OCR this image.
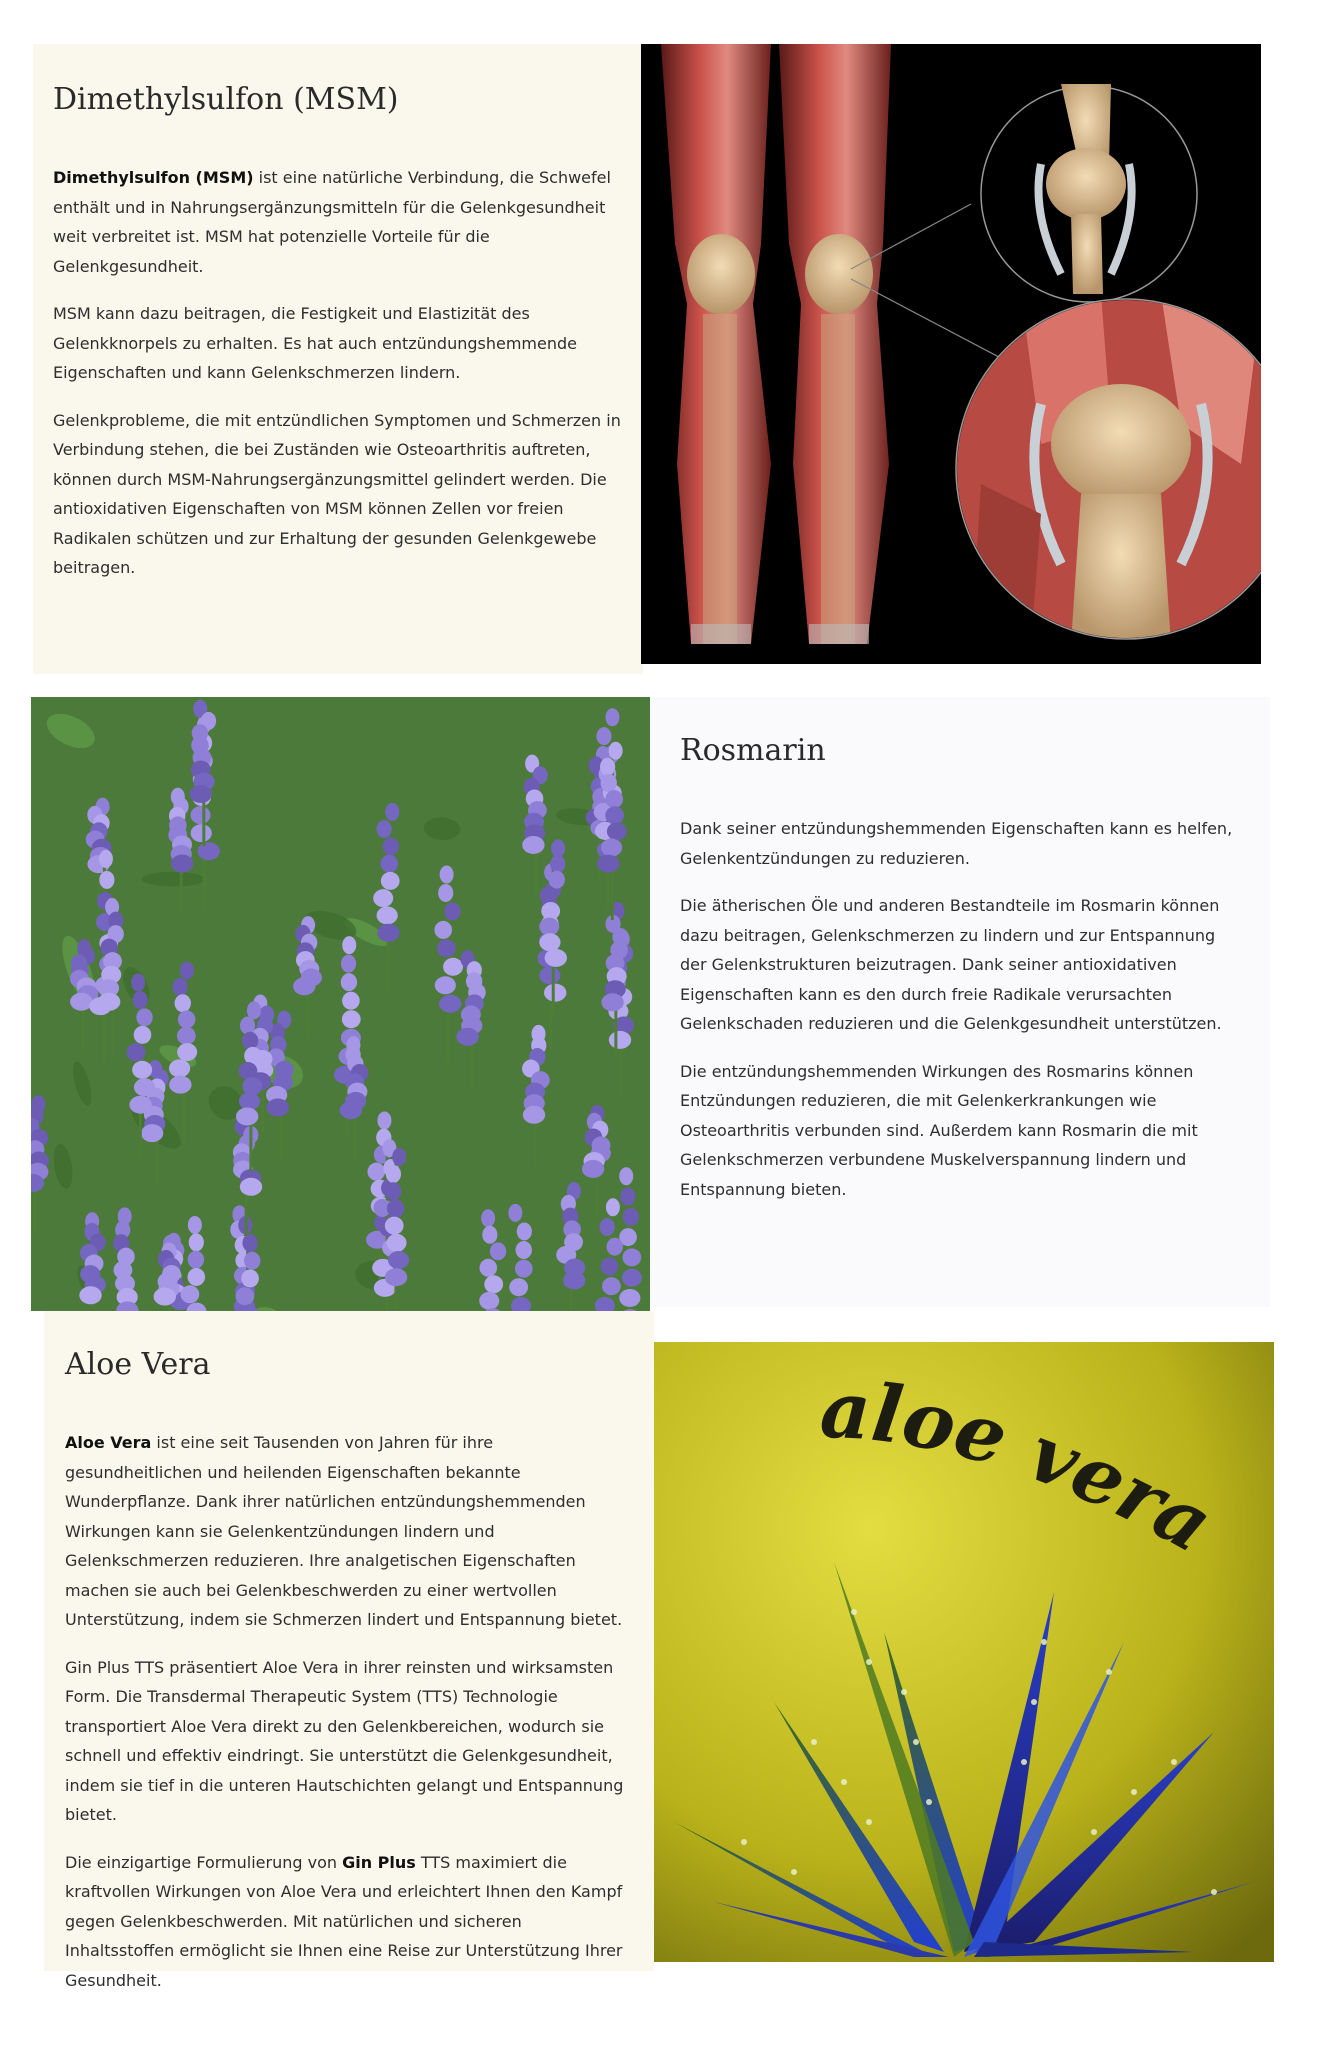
Dimethylsulfon (MSM)

Dimethylsulfon (MSM) ist eine natürliche Verbindung, die Schwefel enthält und in Nahrungsergänzungsmitteln für die Gelenkgesundheit weit verbreitet ist. MSM hat potenzielle Vorteile für die Gelenkgesundheit.

MSM kann dazu beitragen, die Festigkeit und Elastizität des Gelenkknorpels zu erhalten. Es hat auch entzündungshemmende Eigenschaften und kann Gelenkschmerzen lindern.

Gelenkprobleme, die mit entzündlichen Symptomen und Schmerzen in Verbindung stehen, die bei Zuständen wie Osteoarthritis auftreten, können durch MSM-Nahrungsergänzungsmittel gelindert werden. Die antioxidativen Eigenschaften von MSM können Zellen vor freien Radikalen schützen und zur Erhaltung der gesunden Gelenkgewebe beitragen.

Rosmarin

Dank seiner entzündungshemmenden Eigenschaften kann es helfen, Gelenkentzündungen zu reduzieren.

Die ätherischen Öle und anderen Bestandteile im Rosmarin können dazu beitragen, Gelenkschmerzen zu lindern und zur Entspannung der Gelenkstrukturen beizutragen. Dank seiner antioxidativen Eigenschaften kann es den durch freie Radikale verursachten Gelenkschaden reduzieren und die Gelenkgesundheit unterstützen.

Die entzündungshemmenden Wirkungen des Rosmarins können Entzündungen reduzieren, die mit Gelenkerkrankungen wie Osteoarthritis verbunden sind. Außerdem kann Rosmarin die mit Gelenkschmerzen verbundene Muskelverspannung lindern und Entspannung bieten.

Aloe Vera

Aloe Vera ist eine seit Tausenden von Jahren für ihre gesundheitlichen und heilenden Eigenschaften bekannte Wunderpflanze. Dank ihrer natürlichen entzündungshemmenden Wirkungen kann sie Gelenkentzündungen lindern und Gelenkschmerzen reduzieren. Ihre analgetischen Eigenschaften machen sie auch bei Gelenkbeschwerden zu einer wertvollen Unterstützung, indem sie Schmerzen lindert und Entspannung bietet.

Gin Plus TTS präsentiert Aloe Vera in ihrer reinsten und wirksamsten Form. Die Transdermal Therapeutic System (TTS) Technologie transportiert Aloe Vera direkt zu den Gelenkbereichen, wodurch sie schnell und effektiv eindringt. Sie unterstützt die Gelenkgesundheit, indem sie tief in die unteren Hautschichten gelangt und Entspannung bietet.

Die einzigartige Formulierung von Gin Plus TTS maximiert die kraftvollen Wirkungen von Aloe Vera und erleichtert Ihnen den Kampf gegen Gelenkbeschwerden. Mit natürlichen und sicheren Inhaltsstoffen ermöglicht sie Ihnen eine Reise zur Unterstützung Ihrer Gesundheit.

aloe vera
